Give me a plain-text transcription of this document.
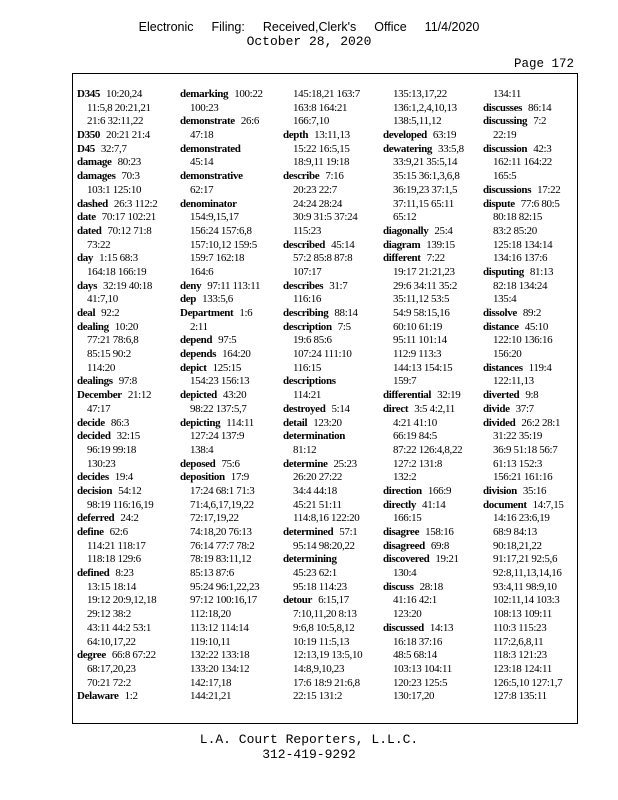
Electronic Filing: Received,Clerk's Office 11/4/2020
October 28, 2020
Page 172
D345 10:20,24
11:5,8 20:21,21
21:6 32:11,22
D350 20:21 21:4
D45 32:7,7
damage 80:23
damages 70:3
103:1 125:10
dashed 26:3 112:2
date 70:17 102:21
dated 70:12 71:8
73:22
day 1:15 68:3
164:18 166:19
days 32:19 40:18
41:7,10
deal 92:2
dealing 10:20
77:21 78:6,8
85:15 90:2
114:20
dealings 97:8
December 21:12
47:17
decide 86:3
decided 32:15
96:19 99:18
130:23
decides 19:4
decision 54:12
98:19 116:16,19
deferred 24:2
define 62:6
114:21 118:17
118:18 129:6
defined 8:23
13:15 18:14
19:12 20:9,12,18
29:12 38:2
43:11 44:2 53:1
64:10,17,22
degree 66:8 67:22
68:17,20,23
70:21 72:2
Delaware 1:2
demarking 100:22
100:23
demonstrate 26:6
47:18
demonstrated
45:14
demonstrative
62:17
denominator
154:9,15,17
156:24 157:6,8
157:10,12 159:5
159:7 162:18
164:6
deny 97:11 113:11
dep 133:5,6
Department 1:6
2:11
depend 97:5
depends 164:20
depict 125:15
154:23 156:13
depicted 43:20
98:22 137:5,7
depicting 114:11
127:24 137:9
138:4
deposed 75:6
deposition 17:9
17:24 68:1 71:3
71:4,6,17,19,22
72:17,19,22
74:18,20 76:13
76:14 77:7 78:2
78:19 83:11,12
85:13 87:6
95:24 96:1,22,23
97:12 100:16,17
112:18,20
113:12 114:14
119:10,11
132:22 133:18
133:20 134:12
142:17,18
144:21,21
145:18,21 163:7
163:8 164:21
166:7,10
depth 13:11,13
15:22 16:5,15
18:9,11 19:18
describe 7:16
20:23 22:7
24:24 28:24
30:9 31:5 37:24
115:23
described 45:14
57:2 85:8 87:8
107:17
describes 31:7
116:16
describing 88:14
description 7:5
19:6 85:6
107:24 111:10
116:15
descriptions
114:21
destroyed 5:14
detail 123:20
determination
81:12
determine 25:23
26:20 27:22
34:4 44:18
45:21 51:11
114:8,16 122:20
determined 57:1
95:14 98:20,22
determining
45:23 62:1
95:18 114:23
detour 6:15,17
7:10,11,20 8:13
9:6,8 10:5,8,12
10:19 11:5,13
12:13,19 13:5,10
14:8,9,10,23
17:6 18:9 21:6,8
22:15 131:2
135:13,17,22
136:1,2,4,10,13
138:5,11,12
developed 63:19
dewatering 33:5,8
33:9,21 35:5,14
35:15 36:1,3,6,8
36:19,23 37:1,5
37:11,15 65:11
65:12
diagonally 25:4
diagram 139:15
different 7:22
19:17 21:21,23
29:6 34:11 35:2
35:11,12 53:5
54:9 58:15,16
60:10 61:19
95:11 101:14
112:9 113:3
144:13 154:15
159:7
differential 32:19
direct 3:5 4:2,11
4:21 41:10
66:19 84:5
87:22 126:4,8,22
127:2 131:8
132:2
direction 166:9
directly 41:14
166:15
disagree 158:16
disagreed 69:8
discovered 19:21
130:4
discuss 28:18
41:16 42:1
123:20
discussed 14:13
16:18 37:16
48:5 68:14
103:13 104:11
120:23 125:5
130:17,20
134:11
discusses 86:14
discussing 7:2
22:19
discussion 42:3
162:11 164:22
165:5
discussions 17:22
dispute 77:6 80:5
80:18 82:15
83:2 85:20
125:18 134:14
134:16 137:6
disputing 81:13
82:18 134:24
135:4
dissolve 89:2
distance 45:10
122:10 136:16
156:20
distances 119:4
122:11,13
diverted 9:8
divide 37:7
divided 26:2 28:1
31:22 35:19
36:9 51:18 56:7
61:13 152:3
156:21 161:16
division 35:16
document 14:7,15
14:16 23:6,19
68:9 84:13
90:18,21,22
91:17,21 92:5,6
92:8,11,13,14,16
93:4,11 98:9,10
102:11,14 103:3
108:13 109:11
110:3 115:23
117:2,6,8,11
118:3 121:23
123:18 124:11
126:5,10 127:1,7
127:8 135:11
L.A. Court Reporters, L.L.C.
312-419-9292
